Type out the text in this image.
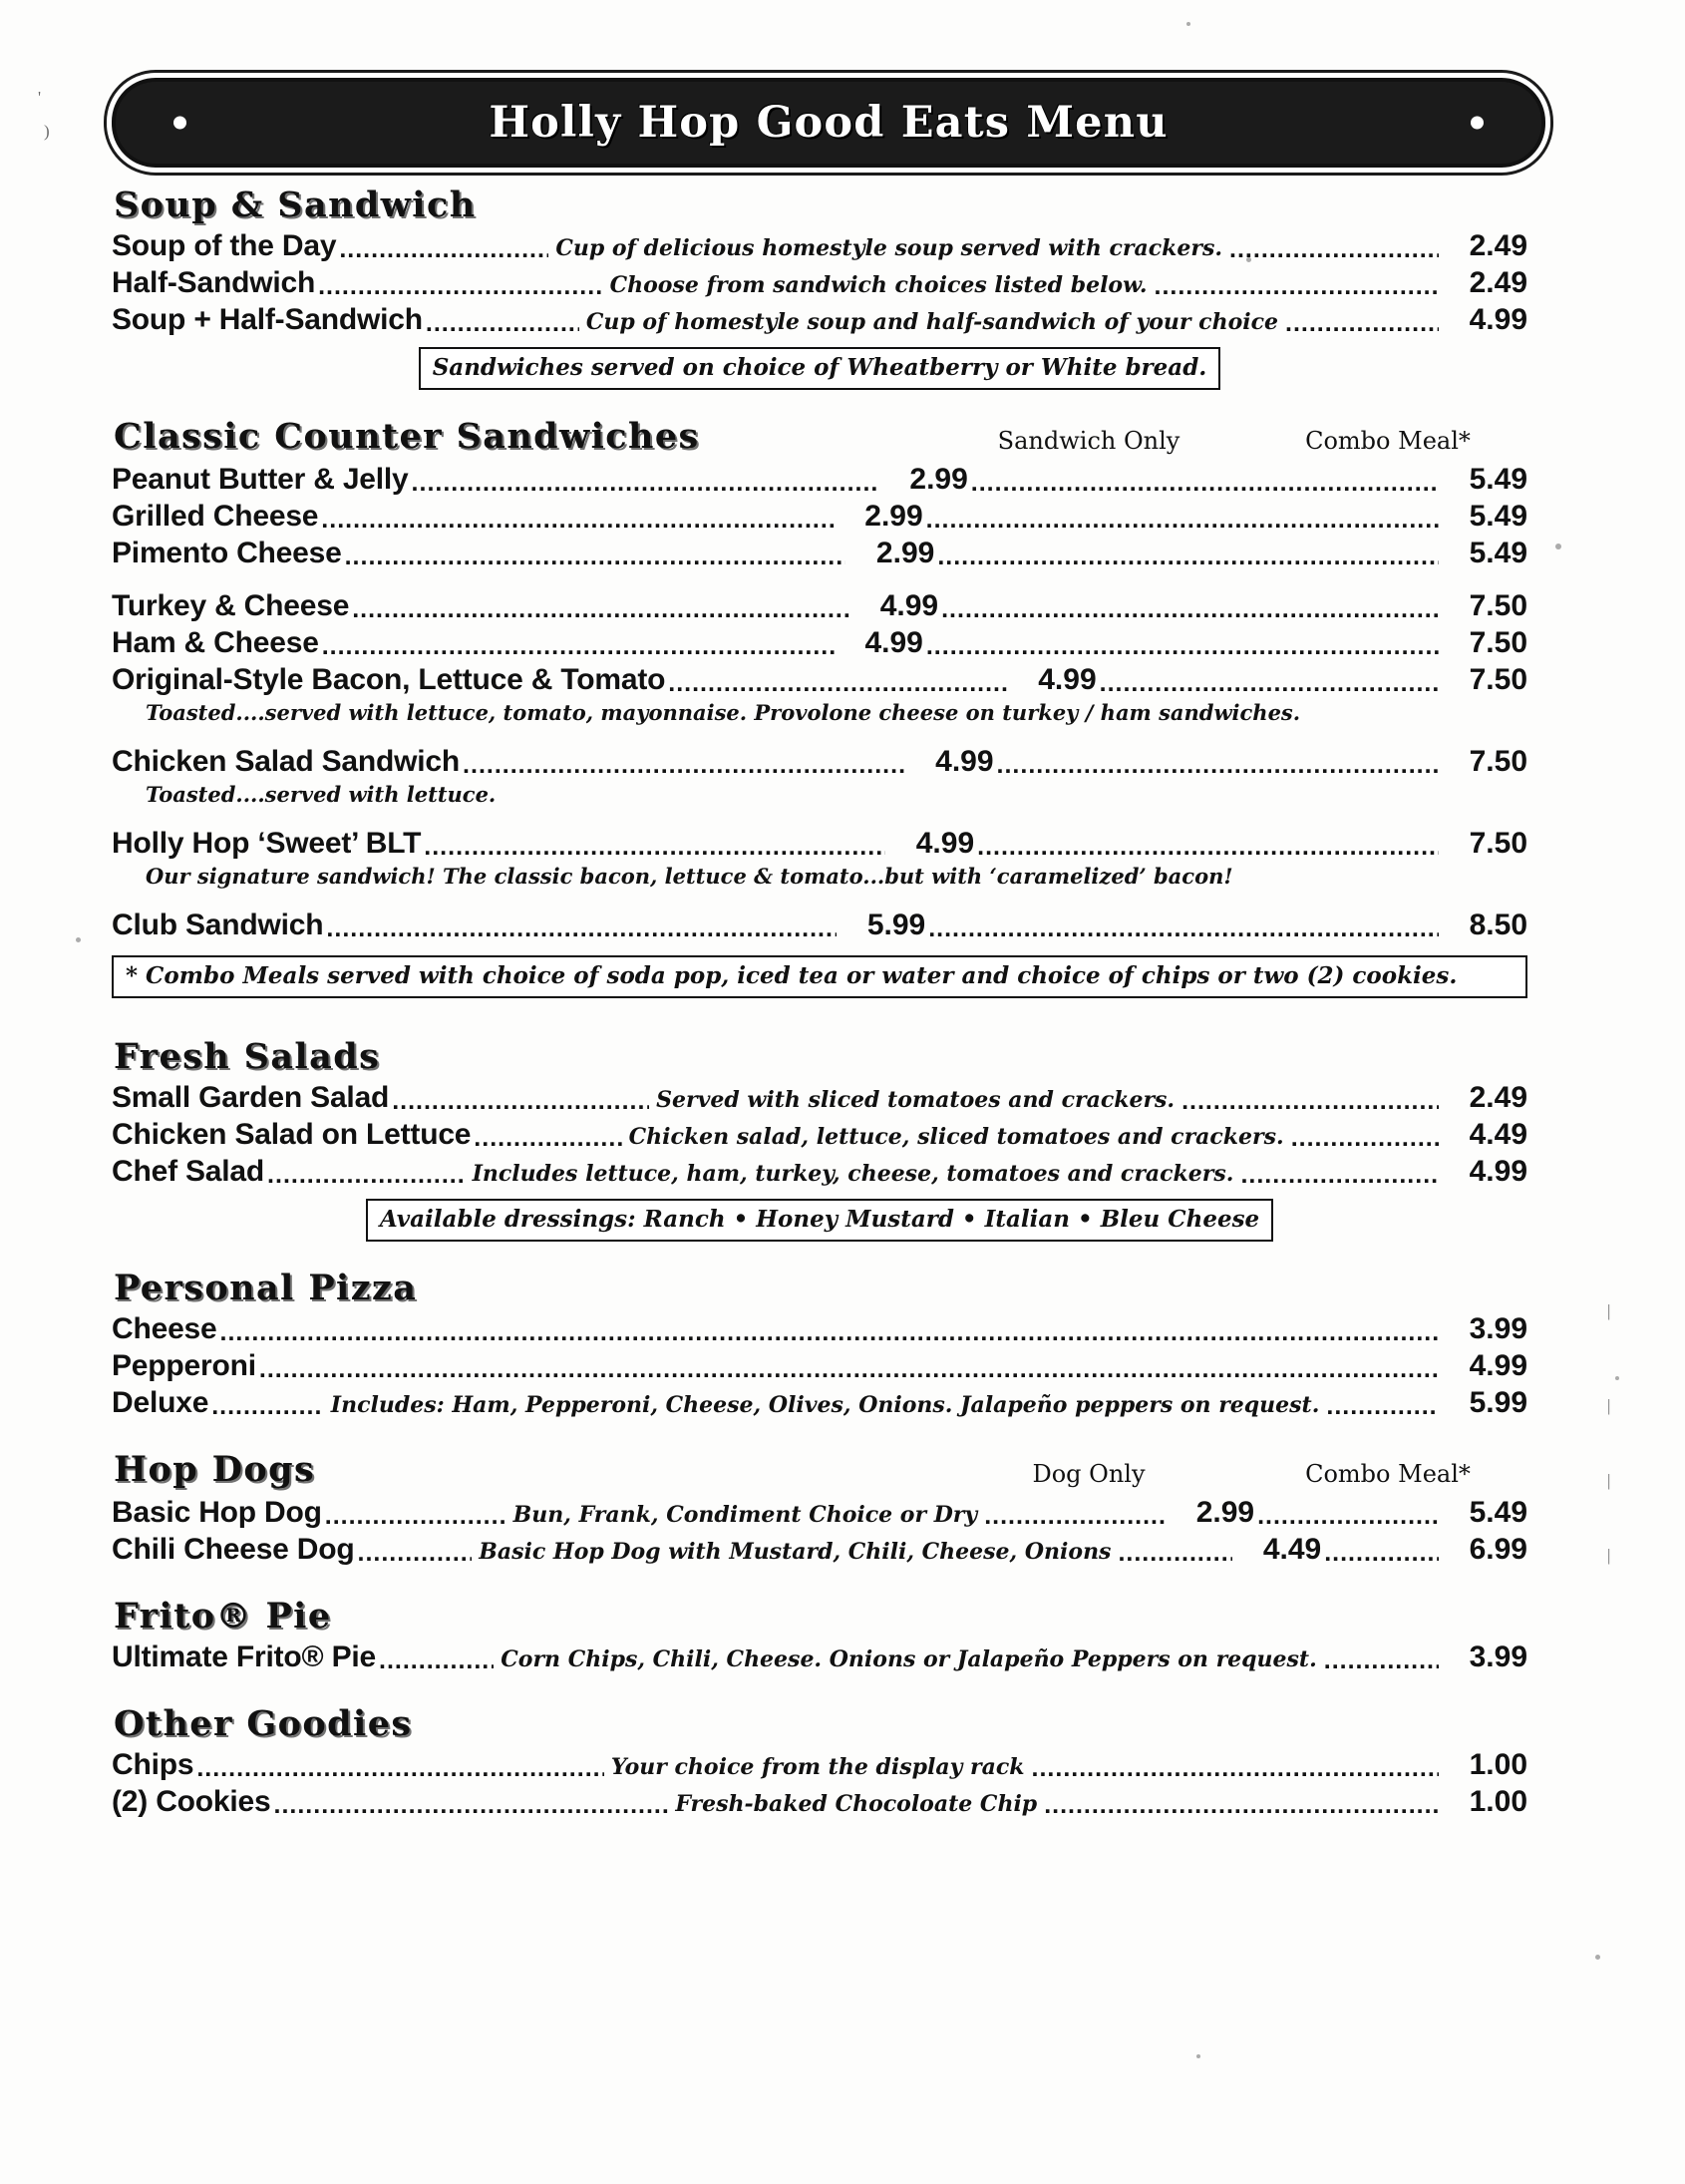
'
)
|
|
|
|
Holly Hop Good Eats Menu
Soup & Sandwich
Soup of the Day	Cup of delicious homestyle soup served with crackers.	2.49
Half-Sandwich	Choose from sandwich choices listed below.	2.49
Soup + Half-Sandwich	Cup of homestyle soup and half-sandwich of your choice	4.99
Sandwiches served on choice of Wheatberry or White bread.
Classic Counter Sandwiches	Sandwich Only	Combo Meal*
Peanut Butter & Jelly	2.99	5.49
Grilled Cheese	2.99	5.49
Pimento Cheese	2.99	5.49
Turkey & Cheese	4.99	7.50
Ham & Cheese	4.99	7.50
Original-Style Bacon, Lettuce & Tomato	4.99	7.50
Toasted....served with lettuce, tomato, mayonnaise. Provolone cheese on turkey / ham sandwiches.
Chicken Salad Sandwich	4.99	7.50
Toasted....served with lettuce.
Holly Hop ‘Sweet’ BLT	4.99	7.50
Our signature sandwich! The classic bacon, lettuce & tomato...but with ‘caramelized’ bacon!
Club Sandwich	5.99	8.50
* Combo Meals served with choice of soda pop, iced tea or water and choice of chips or two (2) cookies.
Fresh Salads
Small Garden Salad	Served with sliced tomatoes and crackers.	2.49
Chicken Salad on Lettuce	Chicken salad, lettuce, sliced tomatoes and crackers.	4.49
Chef Salad	Includes lettuce, ham, turkey, cheese, tomatoes and crackers.	4.99
Available dressings: Ranch • Honey Mustard • Italian • Bleu Cheese
Personal Pizza
Cheese	3.99
Pepperoni	4.99
Deluxe	Includes: Ham, Pepperoni, Cheese, Olives, Onions. Jalapeño peppers on request.	5.99
Hop Dogs	Dog Only	Combo Meal*
Basic Hop Dog	Bun, Frank, Condiment Choice or Dry	2.99	5.49
Chili Cheese Dog	Basic Hop Dog with Mustard, Chili, Cheese, Onions	4.49	6.99
Frito® Pie
Ultimate Frito® Pie	Corn Chips, Chili, Cheese. Onions or Jalapeño Peppers on request.	3.99
Other Goodies
Chips	Your choice from the display rack	1.00
(2) Cookies	Fresh-baked Chocoloate Chip	1.00
